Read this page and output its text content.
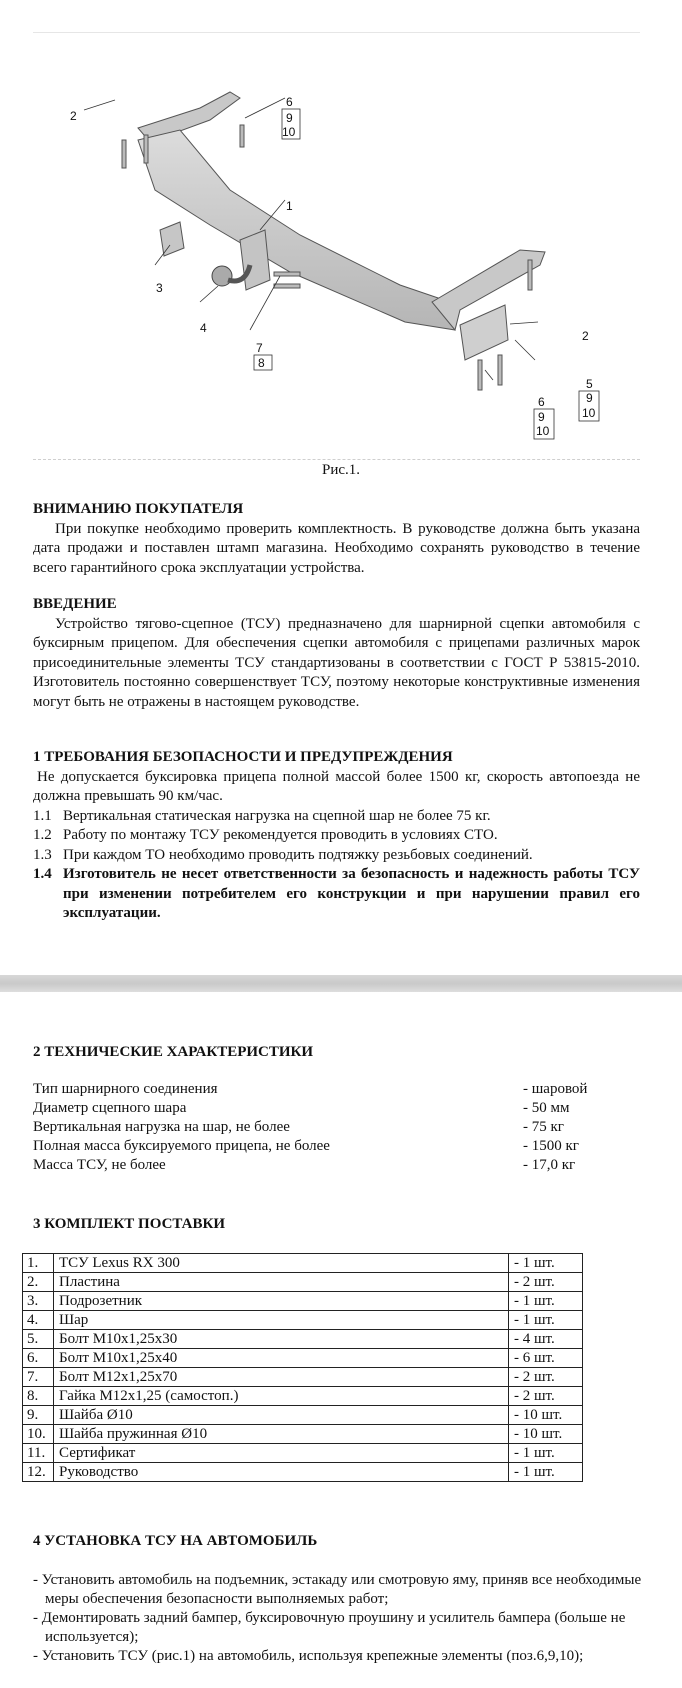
2
6
9
10
1
3
4
7
8
2
5
9
10
6
9
10
Рис.1.
ВНИМАНИЮ ПОКУПАТЕЛЯ
При покупке необходимо проверить комплектность. В руководстве должна быть указана дата продажи и поставлен штамп магазина. Необходимо сохранять руководство в течение всего гарантийного срока эксплуатации устройства.
ВВЕДЕНИЕ
Устройство тягово-сцепное (ТСУ) предназначено для шарнирной сцепки автомобиля с буксирным прицепом. Для обеспечения сцепки автомобиля с прицепами различных марок присоединительные элементы ТСУ стандартизованы в соответствии с ГОСТ Р 53815-2010. Изготовитель постоянно совершенствует ТСУ, поэтому некоторые конструктивные изменения могут быть не отражены в настоящем руководстве.
1 ТРЕБОВАНИЯ БЕЗОПАСНОСТИ И ПРЕДУПРЕЖДЕНИЯ
Не допускается буксировка прицепа полной массой более 1500 кг, скорость автопоезда не должна превышать 90 км/час.
1.1 Вертикальная статическая нагрузка на сцепной шар не более 75 кг.
1.2 Работу по монтажу ТСУ рекомендуется проводить в условиях СТО.
1.3 При каждом ТО необходимо проводить подтяжку резьбовых соединений.
1.4 Изготовитель не несет ответственности за безопасность и надежность работы ТСУ при изменении потребителем его конструкции и при нарушении правил его эксплуатации.
2 ТЕХНИЧЕСКИЕ ХАРАКТЕРИСТИКИ
Тип шарнирного соединения	- шаровой
Диаметр сцепного шара	- 50 мм
Вертикальная нагрузка на шар, не более	- 75 кг
Полная масса буксируемого прицепа, не более	- 1500 кг
Масса ТСУ, не более	- 17,0 кг
3 КОМПЛЕКТ ПОСТАВКИ
1.	ТСУ Lexus RX 300	- 1 шт.
2.	Пластина	- 2 шт.
3.	Подрозетник	- 1 шт.
4.	Шар	- 1 шт.
5.	Болт М10х1,25х30	- 4 шт.
6.	Болт М10х1,25х40	- 6 шт.
7.	Болт М12х1,25х70	- 2 шт.
8.	Гайка М12х1,25 (самостоп.)	- 2 шт.
9.	Шайба Ø10	- 10 шт.
10.	Шайба пружинная Ø10	- 10 шт.
11.	Сертификат	- 1 шт.
12.	Руководство	- 1 шт.
4 УСТАНОВКА ТСУ НА АВТОМОБИЛЬ
- Установить автомобиль на подъемник, эстакаду или смотровую яму, приняв все необходимые меры обеспечения безопасности выполняемых работ;
- Демонтировать задний бампер, буксировочную проушину и усилитель бампера (больше не используется);
- Установить ТСУ (рис.1) на автомобиль, используя крепежные элементы (поз.6,9,10);
